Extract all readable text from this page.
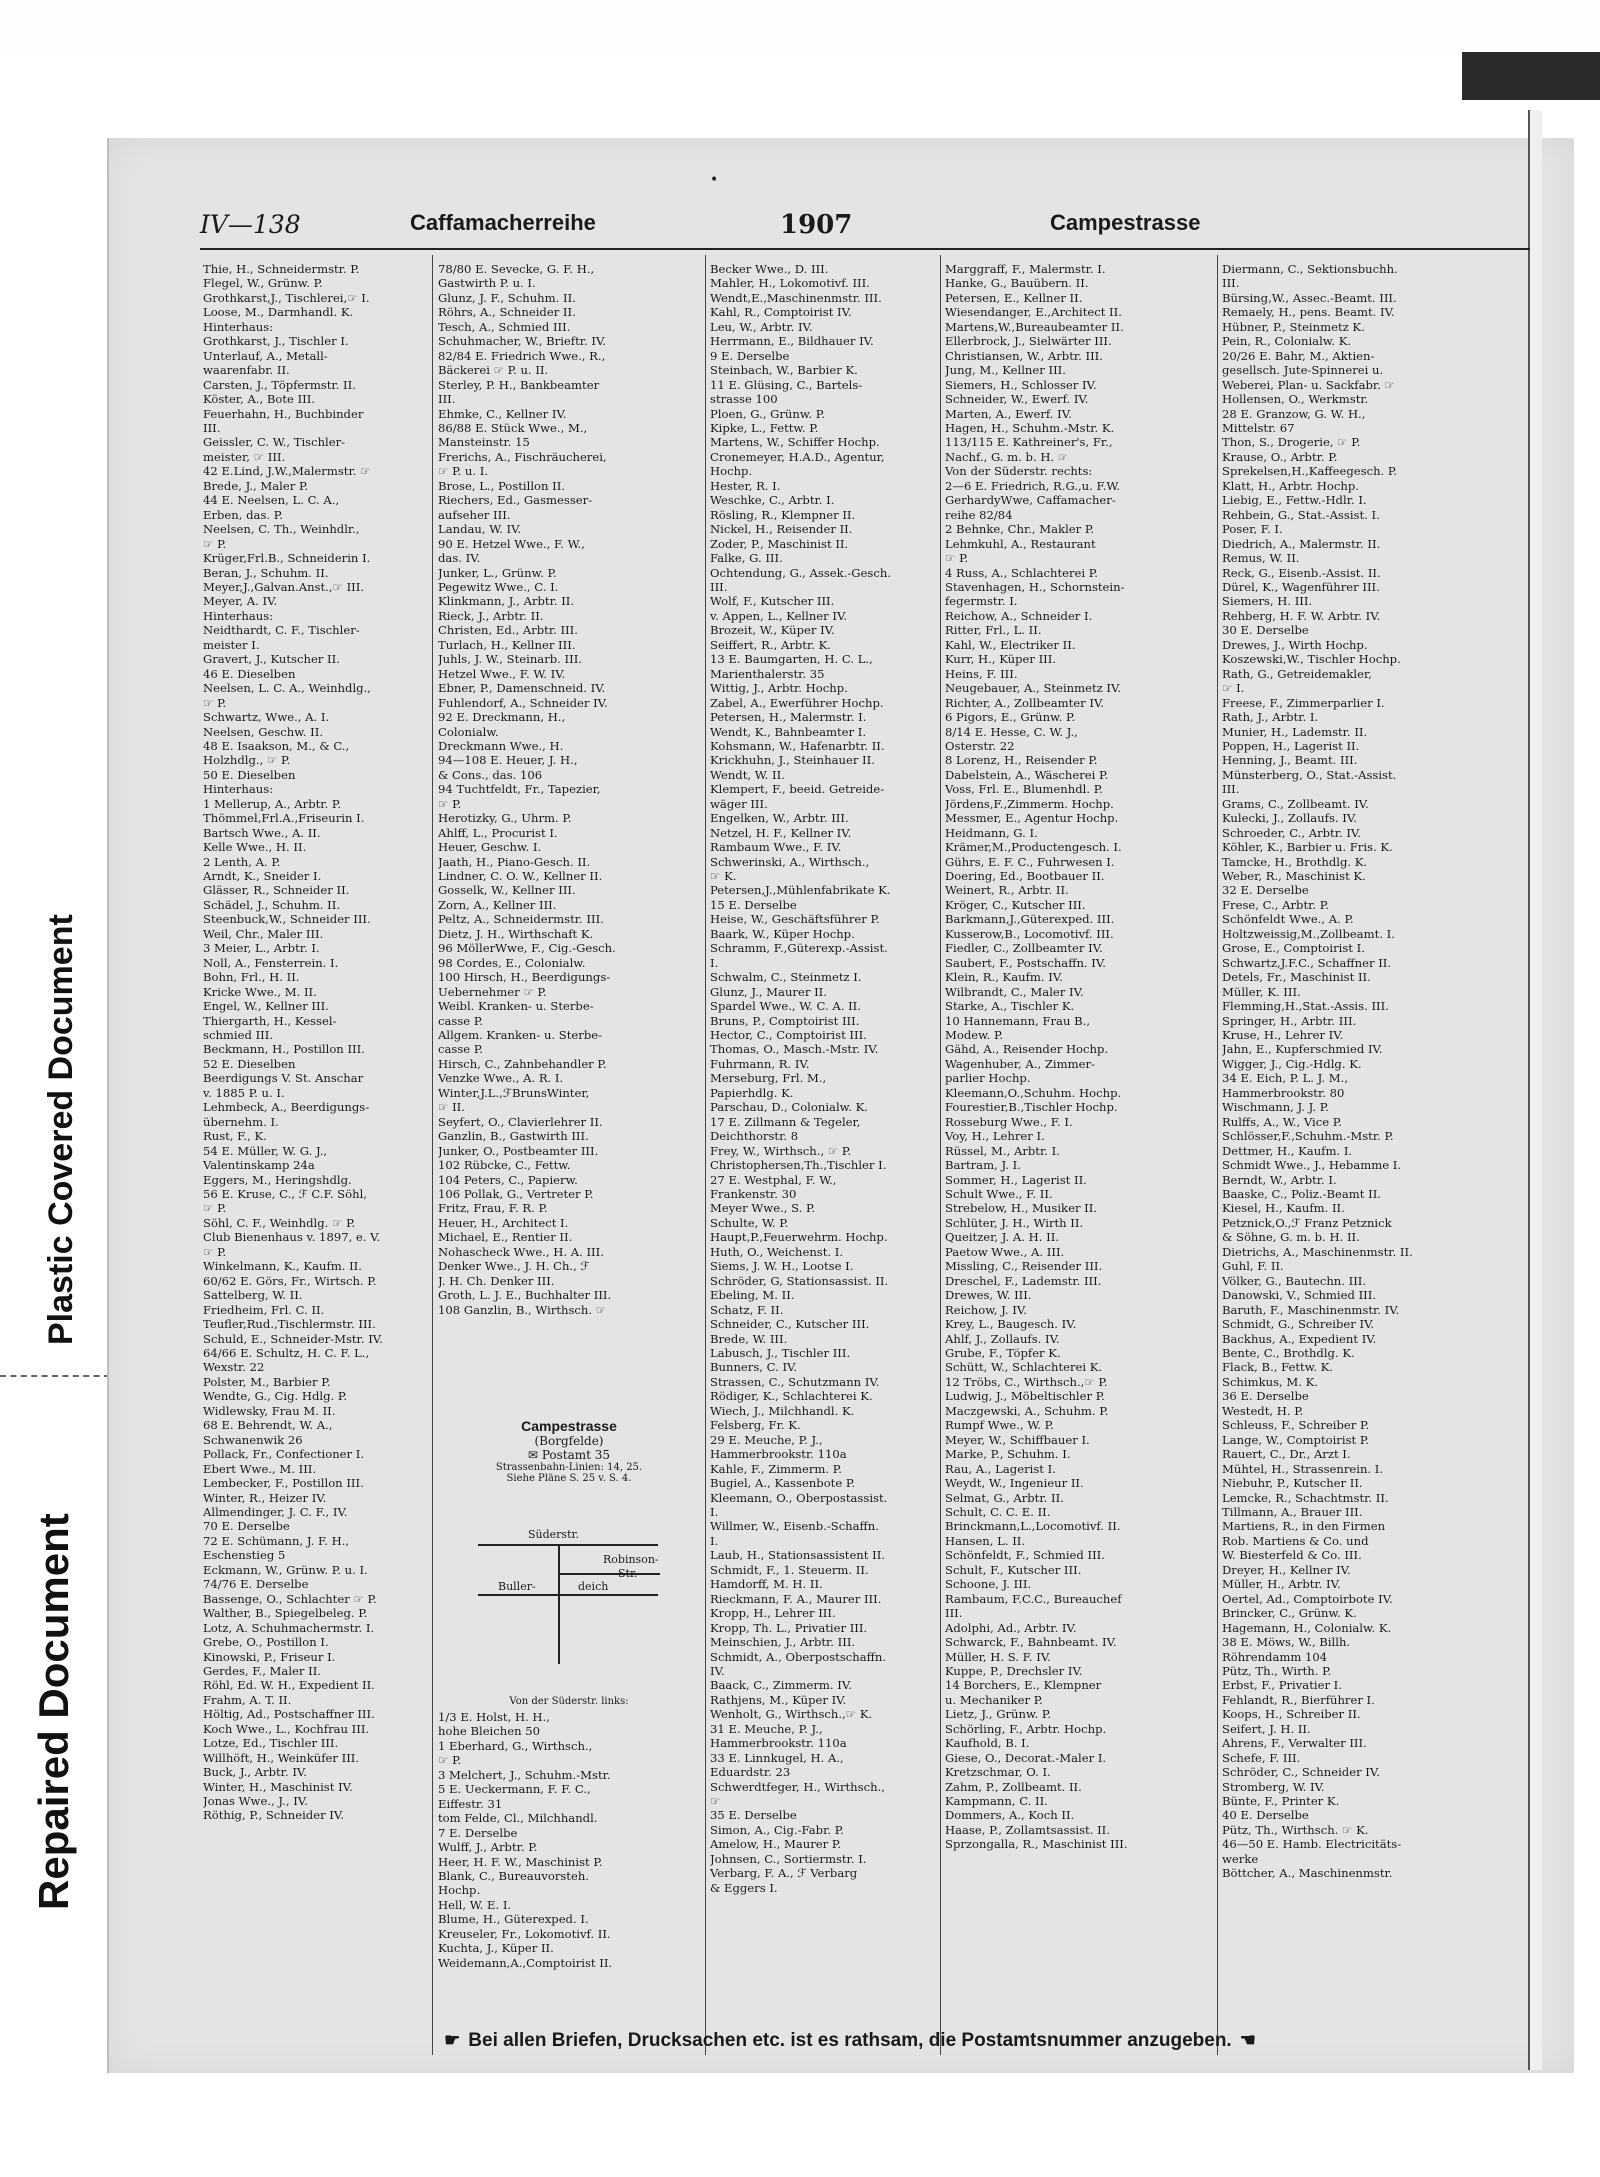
Plastic Covered Document
Repaired Document
•
IV—138	Caffamacherreihe	1907	Campestrasse
Thie, H., Schneidermstr. P.
Flegel, W., Grünw. P.
Grothkarst,J., Tischlerei,☞ I.
Loose, M., Darmhandl. K.
Hinterhaus:
Grothkarst, J., Tischler I.
Unterlauf, A., Metall-
waarenfabr. II.
Carsten, J., Töpfermstr. II.
Köster, A., Bote III.
Feuerhahn, H., Buchbinder
III.
Geissler, C. W., Tischler-
meister, ☞ III.
42 E.Lind, J.W.,Malermstr. ☞
Brede, J., Maler P.
44 E. Neelsen, L. C. A.,
Erben, das. P.
Neelsen, C. Th., Weinhdlr.,
☞ P.
Krüger,Frl.B., Schneiderin I.
Beran, J., Schuhm. II.
Meyer,J.,Galvan.Anst.,☞ III.
Meyer, A. IV.
Hinterhaus:
Neidthardt, C. F., Tischler-
meister I.
Gravert, J., Kutscher II.
46 E. Dieselben
Neelsen, L. C. A., Weinhdlg.,
☞ P.
Schwartz, Wwe., A. I.
Neelsen, Geschw. II.
48 E. Isaakson, M., & C.,
Holzhdlg., ☞ P.
50 E. Dieselben
Hinterhaus:
1 Mellerup, A., Arbtr. P.
Thömmel,Frl.A.,Friseurin I.
Bartsch Wwe., A. II.
Kelle Wwe., H. II.
2 Lenth, A. P.
Arndt, K., Sneider I.
Glässer, R., Schneider II.
Schädel, J., Schuhm. II.
Steenbuck,W., Schneider III.
Weil, Chr., Maler III.
3 Meier, L., Arbtr. I.
Noll, A., Fensterrein. I.
Bohn, Frl., H. II.
Kricke Wwe., M. II.
Engel, W., Kellner III.
Thiergarth, H., Kessel-
schmied III.
Beckmann, H., Postillon III.
52 E. Dieselben
Beerdigungs V. St. Anschar
v. 1885 P. u. I.
Lehmbeck, A., Beerdigungs-
übernehm. I.
Rust, F., K.
54 E. Müller, W. G. J.,
Valentinskamp 24a
Eggers, M., Heringshdlg.
56 E. Kruse, C., ℱ C.F. Söhl,
☞ P.
Söhl, C. F., Weinhdlg. ☞ P.
Club Bienenhaus v. 1897, e. V.
☞ P.
Winkelmann, K., Kaufm. II.
60/62 E. Görs, Fr., Wirtsch. P.
Sattelberg, W. II.
Friedheim, Frl. C. II.
Teufler,Rud.,Tischlermstr. III.
Schuld, E., Schneider-Mstr. IV.
64/66 E. Schultz, H. C. F. L.,
Wexstr. 22
Polster, M., Barbier P.
Wendte, G., Cig. Hdlg. P.
Widlewsky, Frau M. II.
68 E. Behrendt, W. A.,
Schwanenwik 26
Pollack, Fr., Confectioner I.
Ebert Wwe., M. III.
Lembecker, F., Postillon III.
Winter, R., Heizer IV.
Allmendinger, J. C. F., IV.
70 E. Derselbe
72 E. Schümann, J. F. H.,
Eschenstieg 5
Eckmann, W., Grünw. P. u. I.
74/76 E. Derselbe
Bassenge, O., Schlachter ☞ P.
Walther, B., Spiegelbeleg. P.
Lotz, A. Schuhmachermstr. I.
Grebe, O., Postillon I.
Kinowski, P., Friseur I.
Gerdes, F., Maler II.
Röhl, Ed. W. H., Expedient II.
Frahm, A. T. II.
Höltig, Ad., Postschaffner III.
Koch Wwe., L., Kochfrau III.
Lotze, Ed., Tischler III.
Willhöft, H., Weinküfer III.
Buck, J., Arbtr. IV.
Winter, H., Maschinist IV.
Jonas Wwe., J., IV.
Röthig, P., Schneider IV.
78/80 E. Sevecke, G. F. H.,
Gastwirth P. u. I.
Glunz, J. F., Schuhm. II.
Röhrs, A., Schneider II.
Tesch, A., Schmied III.
Schuhmacher, W., Brieftr. IV.
82/84 E. Friedrich Wwe., R.,
Bäckerei ☞ P. u. II.
Sterley, P. H., Bankbeamter
III.
Ehmke, C., Kellner IV.
86/88 E. Stück Wwe., M.,
Mansteinstr. 15
Frerichs, A., Fischräucherei,
☞ P. u. I.
Brose, L., Postillon II.
Riechers, Ed., Gasmesser-
aufseher III.
Landau, W. IV.
90 E. Hetzel Wwe., F. W.,
das. IV.
Junker, L., Grünw. P.
Pegewitz Wwe., C. I.
Klinkmann, J., Arbtr. II.
Rieck, J., Arbtr. II.
Christen, Ed., Arbtr. III.
Turlach, H., Kellner III.
Juhls, J. W., Steinarb. III.
Hetzel Wwe., F. W. IV.
Ebner, P., Damenschneid. IV.
Fuhlendorf, A., Schneider IV.
92 E. Dreckmann, H.,
Colonialw.
Dreckmann Wwe., H.
94—108 E. Heuer, J. H.,
& Cons., das. 106
94 Tuchtfeldt, Fr., Tapezier,
☞ P.
Herotizky, G., Uhrm. P.
Ahlff, L., Procurist I.
Heuer, Geschw. I.
Jaath, H., Piano-Gesch. II.
Lindner, C. O. W., Kellner II.
Gosselk, W., Kellner III.
Zorn, A., Kellner III.
Peltz, A., Schneidermstr. III.
Dietz, J. H., Wirthschaft K.
96 MöllerWwe, F., Cig.-Gesch.
98 Cordes, E., Colonialw.
100 Hirsch, H., Beerdigungs-
Uebernehmer ☞ P.
Weibl. Kranken- u. Sterbe-
casse P.
Allgem. Kranken- u. Sterbe-
casse P.
Hirsch, C., Zahnbehandler P.
Venzke Wwe., A. R. I.
Winter,J.L.,ℱBrunsWinter,
☞ II.
Seyfert, O., Clavierlehrer II.
Ganzlin, B., Gastwirth III.
Junker, O., Postbeamter III.
102 Rübcke, C., Fettw.
104 Peters, C., Papierw.
106 Pollak, G., Vertreter P.
Fritz, Frau, F. R. P.
Heuer, H., Architect I.
Michael, E., Rentier II.
Nohascheck Wwe., H. A. III.
Denker Wwe., J. H. Ch., ℱ
J. H. Ch. Denker III.
Groth, L. J. E., Buchhalter III.
108 Ganzlin, B., Wirthsch. ☞
Becker Wwe., D. III.
Mahler, H., Lokomotivf. III.
Wendt,E.,Maschinenmstr. III.
Kahl, R., Comptoirist IV.
Leu, W., Arbtr. IV.
Herrmann, E., Bildhauer IV.
9 E. Derselbe
Steinbach, W., Barbier K.
11 E. Glüsing, C., Bartels-
strasse 100
Ploen, G., Grünw. P.
Kipke, L., Fettw. P.
Martens, W., Schiffer Hochp.
Cronemeyer, H.A.D., Agentur,
Hochp.
Hester, R. I.
Weschke, C., Arbtr. I.
Rösling, R., Klempner II.
Nickel, H., Reisender II.
Zoder, P., Maschinist II.
Falke, G. III.
Ochtendung, G., Assek.-Gesch.
III.
Wolf, F., Kutscher III.
v. Appen, L., Kellner IV.
Brozeit, W., Küper IV.
Seiffert, R., Arbtr. K.
13 E. Baumgarten, H. C. L.,
Marienthalerstr. 35
Wittig, J., Arbtr. Hochp.
Zabel, A., Ewerführer Hochp.
Petersen, H., Malermstr. I.
Wendt, K., Bahnbeamter I.
Kohsmann, W., Hafenarbtr. II.
Krickhuhn, J., Steinhauer II.
Wendt, W. II.
Klempert, F., beeid. Getreide-
wäger III.
Engelken, W., Arbtr. III.
Netzel, H. F., Kellner IV.
Rambaum Wwe., F. IV.
Schwerinski, A., Wirthsch.,
☞ K.
Petersen,J.,Mühlenfabrikate K.
15 E. Derselbe
Heise, W., Geschäftsführer P.
Baark, W., Küper Hochp.
Schramm, F.,Güterexp.-Assist.
I.
Schwalm, C., Steinmetz I.
Glunz, J., Maurer II.
Spardel Wwe., W. C. A. II.
Bruns, P., Comptoirist III.
Hector, C., Comptoirist III.
Thomas, O., Masch.-Mstr. IV.
Fuhrmann, R. IV.
Merseburg, Frl. M.,
Papierhdlg. K.
Parschau, D., Colonialw. K.
17 E. Zillmann & Tegeler,
Deichthorstr. 8
Frey, W., Wirthsch., ☞ P.
Christophersen,Th.,Tischler I.
27 E. Westphal, F. W.,
Frankenstr. 30
Meyer Wwe., S. P.
Schulte, W. P.
Haupt,P.,Feuerwehrm. Hochp.
Huth, O., Weichenst. I.
Siems, J. W. H., Lootse I.
Schröder, G, Stationsassist. II.
Ebeling, M. II.
Schatz, F. II.
Schneider, C., Kutscher III.
Brede, W. III.
Labusch, J., Tischler III.
Bunners, C. IV.
Strassen, C., Schutzmann IV.
Rödiger, K., Schlachterei K.
Wiech, J., Milchhandl. K.
Felsberg, Fr. K.
29 E. Meuche, P. J.,
Hammerbrookstr. 110a
Kahle, F., Zimmerm. P.
Bugiel, A., Kassenbote P.
Kleemann, O., Oberpostassist.
I.
Willmer, W., Eisenb.-Schaffn.
I.
Laub, H., Stationsassistent II.
Schmidt, F., 1. Steuerm. II.
Hamdorff, M. H. II.
Rieckmann, F. A., Maurer III.
Kropp, H., Lehrer III.
Kropp, Th. L., Privatier III.
Meinschien, J., Arbtr. III.
Schmidt, A., Oberpostschaffn.
IV.
Baack, C., Zimmerm. IV.
Rathjens, M., Küper IV.
Wenholt, G., Wirthsch.,☞ K.
31 E. Meuche, P. J.,
Hammerbrookstr. 110a
33 E. Linnkugel, H. A.,
Eduardstr. 23
Schwerdtfeger, H., Wirthsch.,
☞
35 E. Derselbe
Simon, A., Cig.-Fabr. P.
Amelow, H., Maurer P.
Johnsen, C., Sortiermstr. I.
Verbarg, F. A., ℱ Verbarg
& Eggers I.
Marggraff, F., Malermstr. I.
Hanke, G., Bauübern. II.
Petersen, E., Kellner II.
Wiesendanger, E.,Architect II.
Martens,W.,Bureaubeamter II.
Ellerbrock, J., Sielwärter III.
Christiansen, W., Arbtr. III.
Jung, M., Kellner III.
Siemers, H., Schlosser IV.
Schneider, W., Ewerf. IV.
Marten, A., Ewerf. IV.
Hagen, H., Schuhm.-Mstr. K.
113/115 E. Kathreiner's, Fr.,
Nachf., G. m. b. H. ☞
Von der Süderstr. rechts:
2—6 E. Friedrich, R.G.,u. F.W.
GerhardyWwe, Caffamacher-
reihe 82/84
2 Behnke, Chr., Makler P.
Lehmkuhl, A., Restaurant
☞ P.
4 Russ, A., Schlachterei P.
Stavenhagen, H., Schornstein-
fegermstr. I.
Reichow, A., Schneider I.
Ritter, Frl., L. II.
Kahl, W., Electriker II.
Kurr, H., Küper III.
Heins, F. III.
Neugebauer, A., Steinmetz IV.
Richter, A., Zollbeamter IV.
6 Pigors, E., Grünw. P.
8/14 E. Hesse, C. W. J.,
Osterstr. 22
8 Lorenz, H., Reisender P.
Dabelstein, A., Wäscherei P.
Voss, Frl. E., Blumenhdl. P.
Jördens,F.,Zimmerm. Hochp.
Messmer, E., Agentur Hochp.
Heidmann, G. I.
Krämer,M.,Productengesch. I.
Gührs, E. F. C., Fuhrwesen I.
Doering, Ed., Bootbauer II.
Weinert, R., Arbtr. II.
Kröger, C., Kutscher III.
Barkmann,J.,Güterexped. III.
Kusserow,B., Locomotivf. III.
Fiedler, C., Zollbeamter IV.
Saubert, F., Postschaffn. IV.
Klein, R., Kaufm. IV.
Wilbrandt, C., Maler IV.
Starke, A., Tischler K.
10 Hannemann, Frau B.,
Modew. P.
Gähd, A., Reisender Hochp.
Wagenhuber, A., Zimmer-
parlier Hochp.
Kleemann,O.,Schuhm. Hochp.
Fourestier,B.,Tischler Hochp.
Rosseburg Wwe., F. I.
Voy, H., Lehrer I.
Rüssel, M., Arbtr. I.
Bartram, J. I.
Sommer, H., Lagerist II.
Schult Wwe., F. II.
Strebelow, H., Musiker II.
Schlüter, J. H., Wirth II.
Queitzer, J. A. H. II.
Paetow Wwe., A. III.
Missling, C., Reisender III.
Dreschel, F., Lademstr. III.
Drewes, W. III.
Reichow, J. IV.
Krey, L., Baugesch. IV.
Ahlf, J., Zollaufs. IV.
Grube, F., Töpfer K.
Schütt, W., Schlachterei K.
12 Tröbs, C., Wirthsch.,☞ P.
Ludwig, J., Möbeltischler P.
Maczgewski, A., Schuhm. P.
Rumpf Wwe., W. P.
Meyer, W., Schiffbauer I.
Marke, P., Schuhm. I.
Rau, A., Lagerist I.
Weydt, W., Ingenieur II.
Selmat, G., Arbtr. II.
Schult, C. C. E. II.
Brinckmann,L.,Locomotivf. II.
Hansen, L. II.
Schönfeldt, F., Schmied III.
Schult, F., Kutscher III.
Schoone, J. III.
Rambaum, F.C.C., Bureauchef
III.
Adolphi, Ad., Arbtr. IV.
Schwarck, F., Bahnbeamt. IV.
Müller, H. S. F. IV.
Kuppe, P., Drechsler IV.
14 Borchers, E., Klempner
u. Mechaniker P.
Lietz, J., Grünw. P.
Schörling, F., Arbtr. Hochp.
Kaufhold, B. I.
Giese, O., Decorat.-Maler I.
Kretzschmar, O. I.
Zahm, P., Zollbeamt. II.
Kampmann, C. II.
Dommers, A., Koch II.
Haase, P., Zollamtsassist. II.
Sprzongalla, R., Maschinist III.
Diermann, C., Sektionsbuchh.
III.
Bürsing,W., Assec.-Beamt. III.
Remaely, H., pens. Beamt. IV.
Hübner, P., Steinmetz K.
Pein, R., Colonialw. K.
20/26 E. Bahr, M., Aktien-
gesellsch. Jute-Spinnerei u.
Weberei, Plan- u. Sackfabr. ☞
Hollensen, O., Werkmstr.
28 E. Granzow, G. W. H.,
Mittelstr. 67
Thon, S., Drogerie, ☞ P.
Krause, O., Arbtr. P.
Sprekelsen,H.,Kaffeegesch. P.
Klatt, H., Arbtr. Hochp.
Liebig, E., Fettw.-Hdlr. I.
Rehbein, G., Stat.-Assist. I.
Poser, F. I.
Diedrich, A., Malermstr. II.
Remus, W. II.
Reck, G., Eisenb.-Assist. II.
Dürel, K., Wagenführer III.
Siemers, H. III.
Rehberg, H. F. W. Arbtr. IV.
30 E. Derselbe
Drewes, J., Wirth Hochp.
Koszewski,W., Tischler Hochp.
Rath, G., Getreidemakler,
☞ I.
Freese, F., Zimmerparlier I.
Rath, J., Arbtr. I.
Munier, H., Lademstr. II.
Poppen, H., Lagerist II.
Henning, J., Beamt. III.
Münsterberg, O., Stat.-Assist.
III.
Grams, C., Zollbeamt. IV.
Kulecki, J., Zollaufs. IV.
Schroeder, C., Arbtr. IV.
Köhler, K., Barbier u. Fris. K.
Tamcke, H., Brothdlg. K.
Weber, R., Maschinist K.
32 E. Derselbe
Frese, C., Arbtr. P.
Schönfeldt Wwe., A. P.
Holtzweissig,M.,Zollbeamt. I.
Grose, E., Comptoirist I.
Schwartz,J.F.C., Schaffner II.
Detels, Fr., Maschinist II.
Müller, K. III.
Flemming,H.,Stat.-Assis. III.
Springer, H., Arbtr. III.
Kruse, H., Lehrer IV.
Jahn, E., Kupferschmied IV.
Wigger, J., Cig.-Hdlg. K.
34 E. Eich, P. L. J. M.,
Hammerbrookstr. 80
Wischmann, J. J. P.
Rulffs, A., W., Vice P.
Schlösser,F.,Schuhm.-Mstr. P.
Dettmer, H., Kaufm. I.
Schmidt Wwe., J., Hebamme I.
Berndt, W., Arbtr. I.
Baaske, C., Poliz.-Beamt II.
Kiesel, H., Kaufm. II.
Petznick,O.,ℱ Franz Petznick
& Söhne, G. m. b. H. II.
Dietrichs, A., Maschinenmstr. II.
Guhl, F. II.
Völker, G., Bautechn. III.
Danowski, V., Schmied III.
Baruth, F., Maschinenmstr. IV.
Schmidt, G., Schreiber IV.
Backhus, A., Expedient IV.
Bente, C., Brothdlg. K.
Flack, B., Fettw. K.
Schimkus, M. K.
36 E. Derselbe
Westedt, H. P.
Schleuss, F., Schreiber P.
Lange, W., Comptoirist P.
Rauert, C., Dr., Arzt I.
Mühtel, H., Strassenrein. I.
Niebuhr, P., Kutscher II.
Lemcke, R., Schachtmstr. II.
Tillmann, A., Brauer III.
Martiens, R., in den Firmen
Rob. Martiens & Co. und
W. Biesterfeld & Co. III.
Dreyer, H., Kellner IV.
Müller, H., Arbtr. IV.
Oertel, Ad., Comptoirbote IV.
Brincker, C., Grünw. K.
Hagemann, H., Colonialw. K.
38 E. Möws, W., Billh.
Röhrendamm 104
Pütz, Th., Wirth. P.
Erbst, F., Privatier I.
Fehlandt, R., Bierführer I.
Koops, H., Schreiber II.
Seifert, J. H. II.
Ahrens, F., Verwalter III.
Schefe, F. III.
Schröder, C., Schneider IV.
Stromberg, W. IV.
Bünte, F., Printer K.
40 E. Derselbe
Pütz, Th., Wirthsch. ☞ K.
46—50 E. Hamb. Electricitäts-
werke
Böttcher, A., Maschinenmstr.
Campestrasse
(Borgfelde)
✉ Postamt 35
Strassenbahn-Linien: 14, 25.
Siehe Pläne S. 25 v. S. 4.
Süderstr.
Robinson-
Str.
Buller-	deich
Von der Süderstr. links:
1/3 E. Holst, H. H.,
hohe Bleichen 50
1 Eberhard, G., Wirthsch.,
☞ P.
3 Melchert, J., Schuhm.-Mstr.
5 E. Ueckermann, F. F. C.,
Eiffestr. 31
tom Felde, Cl., Milchhandl.
7 E. Derselbe
Wulff, J., Arbtr. P.
Heer, H. F. W., Maschinist P.
Blank, C., Bureauvorsteh.
Hochp.
Hell, W. E. I.
Blume, H., Güterexped. I.
Kreuseler, Fr., Lokomotivf. II.
Kuchta, J., Küper II.
Weidemann,A.,Comptoirist II.
☛ Bei allen Briefen, Drucksachen etc. ist es rathsam, die Postamtsnummer anzugeben. ☚
